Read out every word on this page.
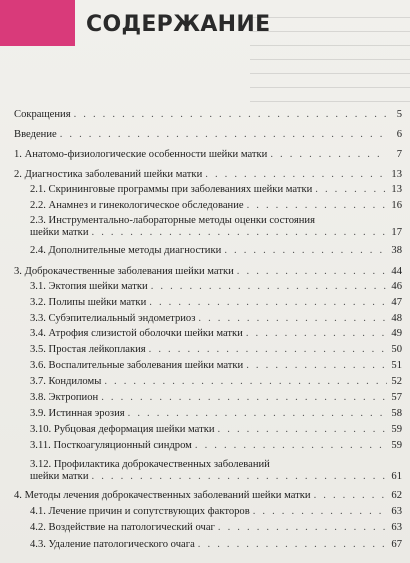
СОДЕРЖАНИЕ
Сокращения . . .	5
Введение . . .	6
1. Анатомо-физиологические особенности шейки матки . . .	7
2. Диагностика заболеваний шейки матки . . .	13
2.1. Скрининговые программы при заболеваниях шейки матки . . .	13
2.2. Анамнез и гинекологическое обследование . . .	16
2.3. Инструментально-лабораторные методы оценки состояния
шейки матки . . .	17
2.4. Дополнительные методы диагностики . . .	38
3. Доброкачественные заболевания шейки матки . . .	44
3.1. Эктопия шейки матки . . .	46
3.2. Полипы шейки матки . . .	47
3.3. Субэпителиальный эндометриоз . . .	48
3.4. Атрофия слизистой оболочки шейки матки . . .	49
3.5. Простая лейкоплакия . . .	50
3.6. Воспалительные заболевания шейки матки . . .	51
3.7. Кондиломы . . .	52
3.8. Эктропион . . .	57
3.9. Истинная эрозия . . .	58
3.10. Рубцовая деформация шейки матки . . .	59
3.11. Посткоагуляционный синдром . . .	59
3.12. Профилактика доброкачественных заболеваний
шейки матки . . .	61
4. Методы лечения доброкачественных заболеваний шейки матки . . .	62
4.1. Лечение причин и сопутствующих факторов . . .	63
4.2. Воздействие на патологический очаг . . .	63
4.3. Удаление патологического очага . . .	67
